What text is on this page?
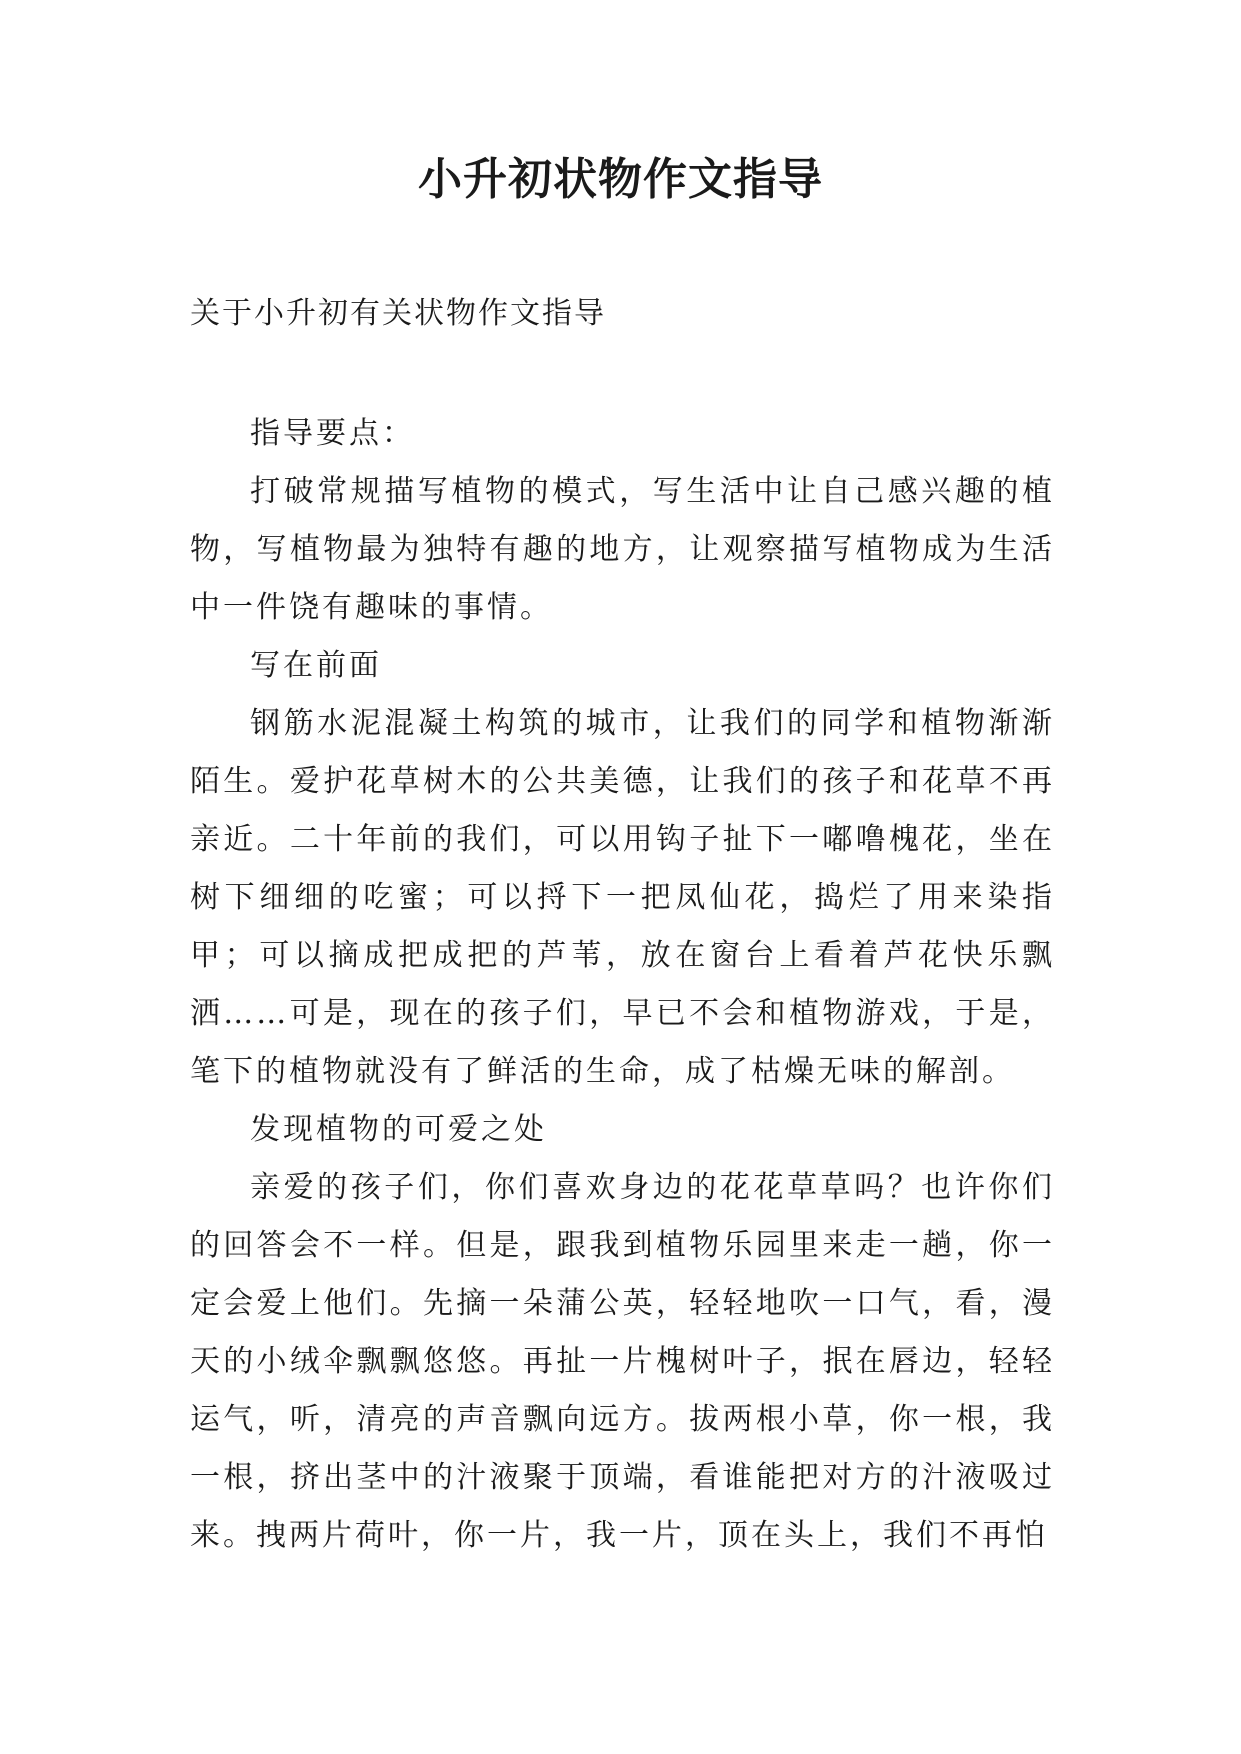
小升初状物作文指导
关于小升初有关状物作文指导

指导要点：

打破常规描写植物的模式，写生活中让自己感兴趣的植物，写植物最为独特有趣的地方，让观察描写植物成为生活中一件饶有趣味的事情。

写在前面

钢筋水泥混凝土构筑的城市，让我们的同学和植物渐渐陌生。爱护花草树木的公共美德，让我们的孩子和花草不再亲近。二十年前的我们，可以用钩子扯下一嘟噜槐花，坐在树下细细的吃蜜；可以捋下一把凤仙花，捣烂了用来染指甲；可以摘成把成把的芦苇，放在窗台上看着芦花快乐飘洒……可是，现在的孩子们，早已不会和植物游戏，于是，笔下的植物就没有了鲜活的生命，成了枯燥无味的解剖。

发现植物的可爱之处

亲爱的孩子们，你们喜欢身边的花花草草吗？也许你们的回答会不一样。但是，跟我到植物乐园里来走一趟，你一定会爱上他们。先摘一朵蒲公英，轻轻地吹一口气，看，漫天的小绒伞飘飘悠悠。再扯一片槐树叶子，抿在唇边，轻轻运气，听，清亮的声音飘向远方。拔两根小草，你一根，我一根，挤出茎中的汁液聚于顶端，看谁能把对方的汁液吸过来。拽两片荷叶，你一片，我一片，顶在头上，我们不再怕
